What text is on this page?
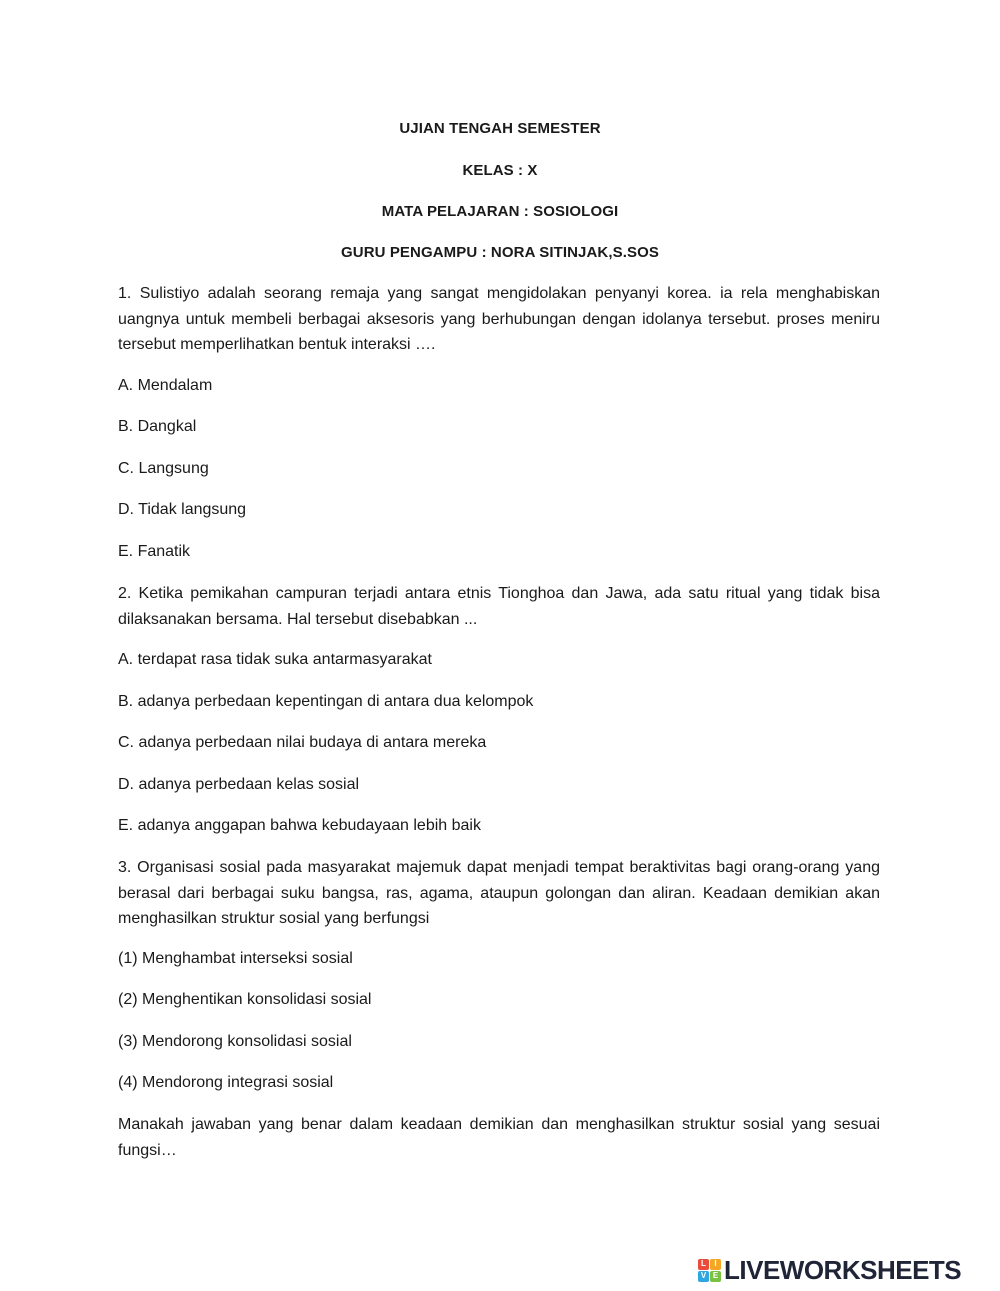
UJIAN TENGAH SEMESTER
KELAS : X
MATA PELAJARAN : SOSIOLOGI
GURU PENGAMPU : NORA SITINJAK,S.SOS
1. Sulistiyo adalah seorang remaja yang sangat mengidolakan penyanyi korea. ia rela menghabiskan uangnya untuk membeli berbagai aksesoris yang berhubungan dengan idolanya tersebut. proses meniru tersebut memperlihatkan bentuk interaksi ….
A. Mendalam
B. Dangkal
C. Langsung
D. Tidak langsung
E. Fanatik
2. Ketika pemikahan campuran terjadi antara etnis Tionghoa dan Jawa, ada satu ritual yang tidak bisa dilaksanakan bersama. Hal tersebut disebabkan ...
A. terdapat rasa tidak suka antarmasyarakat
B. adanya perbedaan kepentingan di antara dua kelompok
C. adanya perbedaan nilai budaya di antara mereka
D. adanya perbedaan kelas sosial
E. adanya anggapan bahwa kebudayaan lebih baik
3. Organisasi sosial pada masyarakat majemuk dapat menjadi tempat beraktivitas bagi orang-orang yang berasal dari berbagai suku bangsa, ras, agama, ataupun golongan dan aliran. Keadaan demikian akan menghasilkan struktur sosial yang berfungsi
(1) Menghambat interseksi sosial
(2) Menghentikan konsolidasi sosial
(3) Mendorong konsolidasi sosial
(4) Mendorong integrasi sosial
Manakah jawaban yang benar dalam keadaan demikian dan menghasilkan struktur sosial yang sesuai fungsi…
L	I
V E LIVEWORKSHEETS
